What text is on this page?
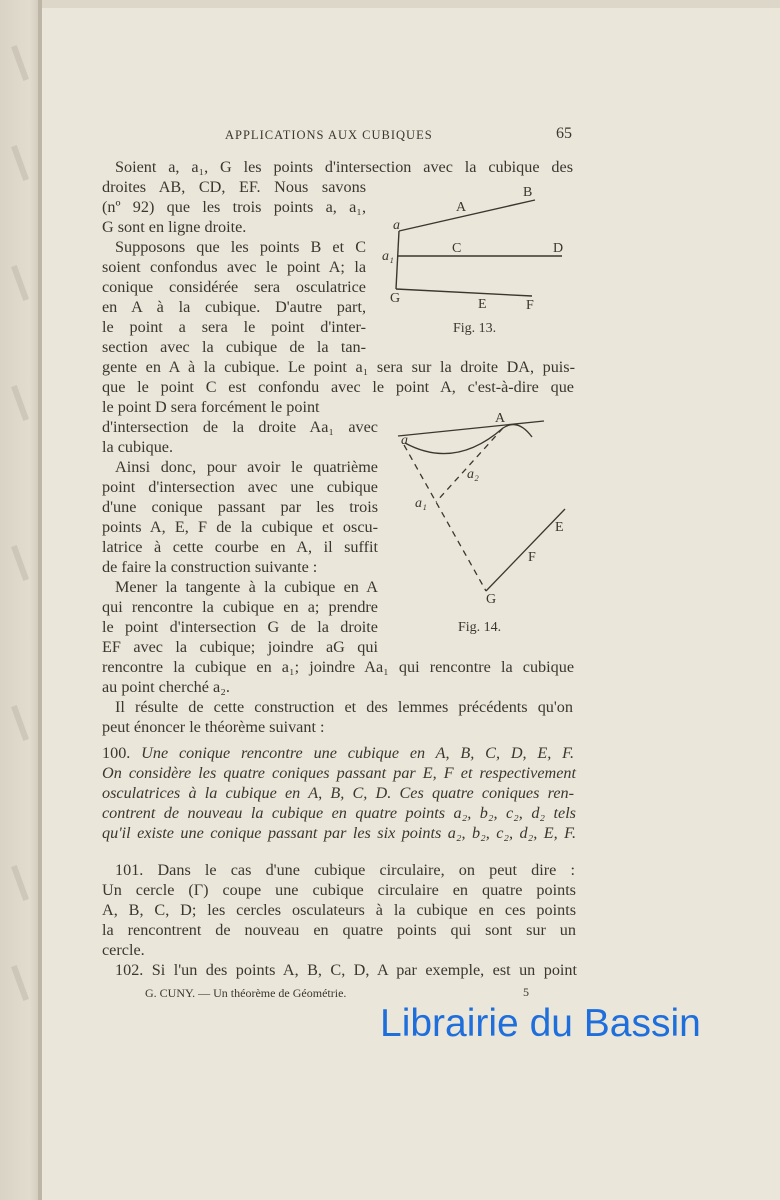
APPLICATIONS AUX CUBIQUES	65
Soient a, a₁, G les points d'intersection avec la cubique des
droites AB, CD, EF. Nous savons
(nº 92) que les trois points a, a₁,
G sont en ligne droite.
Supposons que les points B et C
soient confondus avec le point A; la
conique considérée sera osculatrice
en A à la cubique. D'autre part,
le point a sera le point d'inter-
section avec la cubique de la tan-
gente en A à la cubique. Le point a₁ sera sur la droite DA, puis-
que le point C est confondu avec le point A, c'est-à-dire que
le point D sera forcément le point
d'intersection de la droite Aa₁ avec
la cubique.
Ainsi donc, pour avoir le quatrième
point d'intersection avec une cubique
d'une conique passant par les trois
points A, E, F de la cubique et oscu-
latrice à cette courbe en A, il suffit
de faire la construction suivante :
Mener la tangente à la cubique en A
qui rencontre la cubique en a; prendre
le point d'intersection G de la droite
EF avec la cubique; joindre aG qui
rencontre la cubique en a₁; joindre Aa₁ qui rencontre la cubique
au point cherché a₂.
Il résulte de cette construction et des lemmes précédents qu'on
peut énoncer le théorème suivant :
100. Une conique rencontre une cubique en A, B, C, D, E, F.
On considère les quatre coniques passant par E, F et respectivement
osculatrices à la cubique en A, B, C, D. Ces quatre coniques ren-
contrent de nouveau la cubique en quatre points a₂, b₂, c₂, d₂ tels
qu'il existe une conique passant par les six points a₂, b₂, c₂, d₂, E, F.
101. Dans le cas d'une cubique circulaire, on peut dire :
Un cercle (Γ) coupe une cubique circulaire en quatre points
A, B, C, D; les cercles osculateurs à la cubique en ces points
la rencontrent de nouveau en quatre points qui sont sur un
cercle.
102. Si l'un des points A, B, C, D, A par exemple, est un point
G. CUNY. — Un théorème de Géométrie.	5
Librairie du Bassin
a
a₁
A
B
C	D
G	E	F
Fig. 13.
a
A
a₂
a₁
E
F
G
Fig. 14.
